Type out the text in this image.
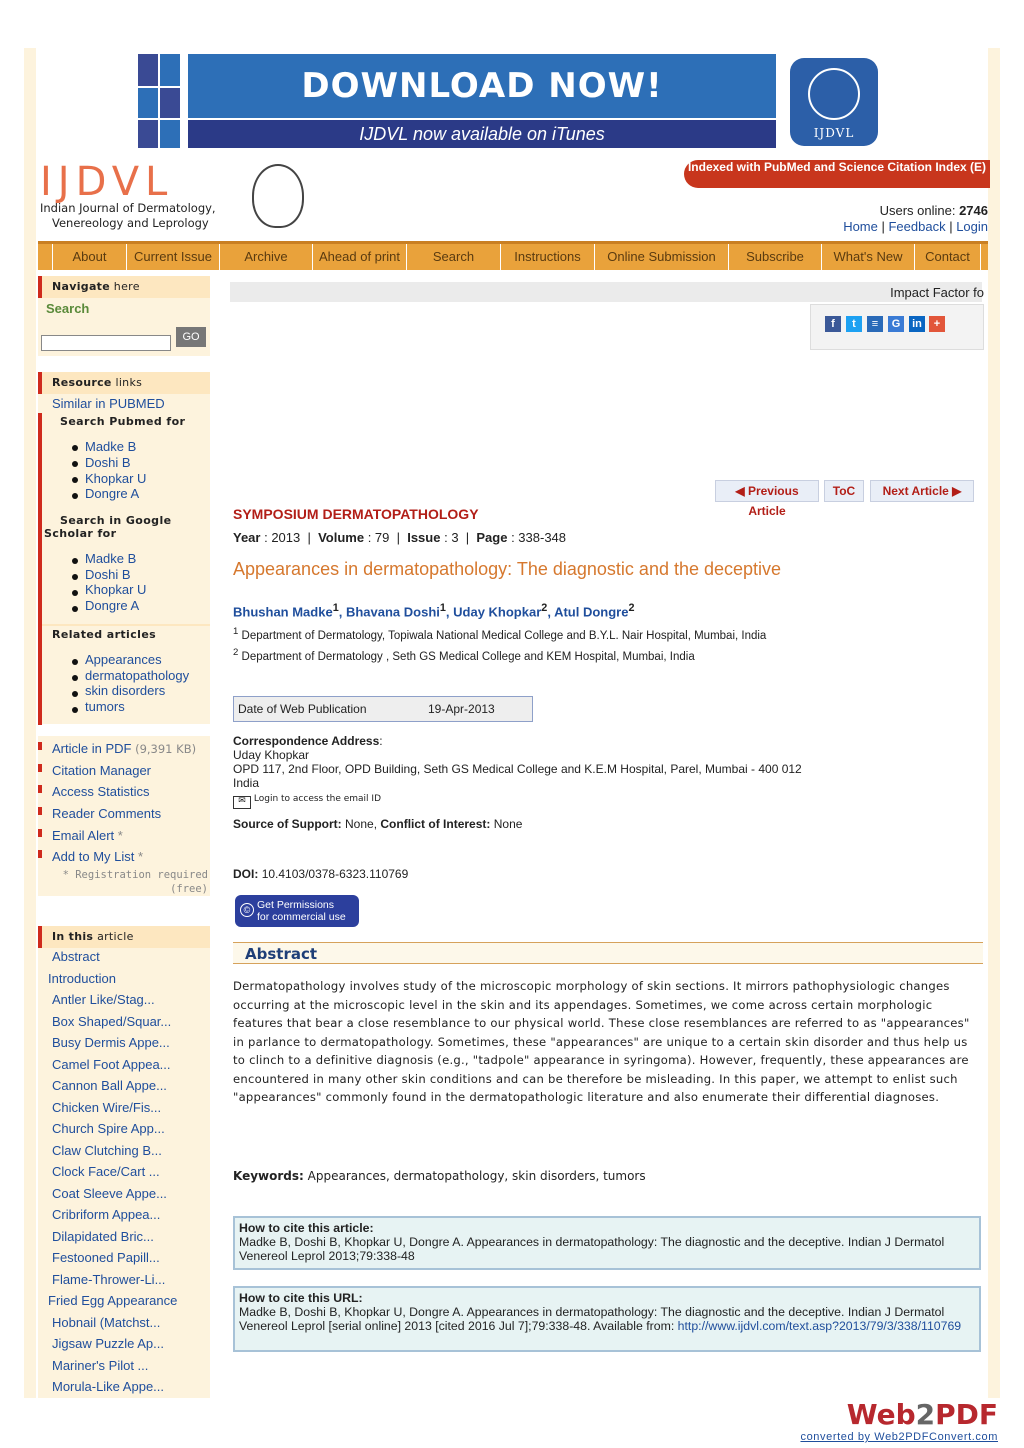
DOWNLOAD NOW!
IJDVL now available on iTunes	IJDVL
IJDVL
Indian Journal of Dermatology,
Venereology and Leprology
Indexed with PubMed and Science Citation Index (E)
Users online: 2746
Home | Feedback | Login
About	Current Issue	Archive	Ahead of print	Search	Instructions	Online Submission	Subscribe	What's New	Contact
Navigate here
Search
GO
Resource links
Similar in PUBMED
Search Pubmed for
Madke B
Doshi B
Khopkar U
Dongre A
Search in Google
Scholar for
Madke B
Doshi B
Khopkar U
Dongre A
Related articles
Appearances
dermatopathology
skin disorders
tumors
Article in PDF (9,391 KB)
Citation Manager
Access Statistics
Reader Comments
Email Alert *
Add to My List *
* Registration required
(free)
In this article
Abstract
Introduction
Antler Like/Stag...
Box Shaped/Squar...
Busy Dermis Appe...
Camel Foot Appea...
Cannon Ball Appe...
Chicken Wire/Fis...
Church Spire App...
Claw Clutching B...
Clock Face/Cart ...
Coat Sleeve Appe...
Cribriform Appea...
Dilapidated Bric...
Festooned Papill...
Flame-Thrower-Li...
Fried Egg Appearance
Hobnail (Matchst...
Jigsaw Puzzle Ap...
Mariner's Pilot ...
Morula-Like Appe...
Impact Factor fo
f	t	≡	G	in	+
◀ Previous Article
ToC	Next Article ▶
SYMPOSIUM DERMATOPATHOLOGY
Year : 2013  |  Volume : 79  |  Issue : 3  |  Page : 338-348
Appearances in dermatopathology: The diagnostic and the deceptive
Bhushan Madke$^1$, Bhavana Doshi$^1$, Uday Khopkar$^2$, Atul Dongre$^2$
$^1$ Department of Dermatology, Topiwala National Medical College and B.Y.L. Nair Hospital, Mumbai, India
$^2$ Department of Dermatology , Seth GS Medical College and KEM Hospital, Mumbai, India
Date of Web Publication	19-Apr-2013
Correspondence Address:
Uday Khopkar
OPD 117, 2nd Floor, OPD Building, Seth GS Medical College and K.E.M Hospital, Parel, Mumbai - 400 012
India
✉ Login to access the email ID
Source of Support: None, Conflict of Interest: None
DOI: 10.4103/0378-6323.110769
© Get Permissions
for commercial use
Abstract
Dermatopathology involves study of the microscopic morphology of skin sections. It mirrors pathophysiologic changes occurring at the microscopic level in the skin and its appendages. Sometimes, we come across certain morphologic features that bear a close resemblance to our physical world. These close resemblances are referred to as "appearances" in parlance to dermatopathology. Sometimes, these "appearances" are unique to a certain skin disorder and thus help us to clinch to a definitive diagnosis (e.g., "tadpole" appearance in syringoma). However, frequently, these appearances are encountered in many other skin conditions and can be therefore be misleading. In this paper, we attempt to enlist such "appearances" commonly found in the dermatopathologic literature and also enumerate their differential diagnoses.
Keywords: Appearances, dermatopathology, skin disorders, tumors
How to cite this article:
Madke B, Doshi B, Khopkar U, Dongre A. Appearances in dermatopathology: The diagnostic and the deceptive. Indian J Dermatol Venereol Leprol 2013;79:338-48
How to cite this URL:
Madke B, Doshi B, Khopkar U, Dongre A. Appearances in dermatopathology: The diagnostic and the deceptive. Indian J Dermatol Venereol Leprol [serial online] 2013 [cited 2016 Jul 7];79:338-48. Available from: http://www.ijdvl.com/text.asp?2013/79/3/338/110769
Web2PDF
converted by Web2PDFConvert.com
